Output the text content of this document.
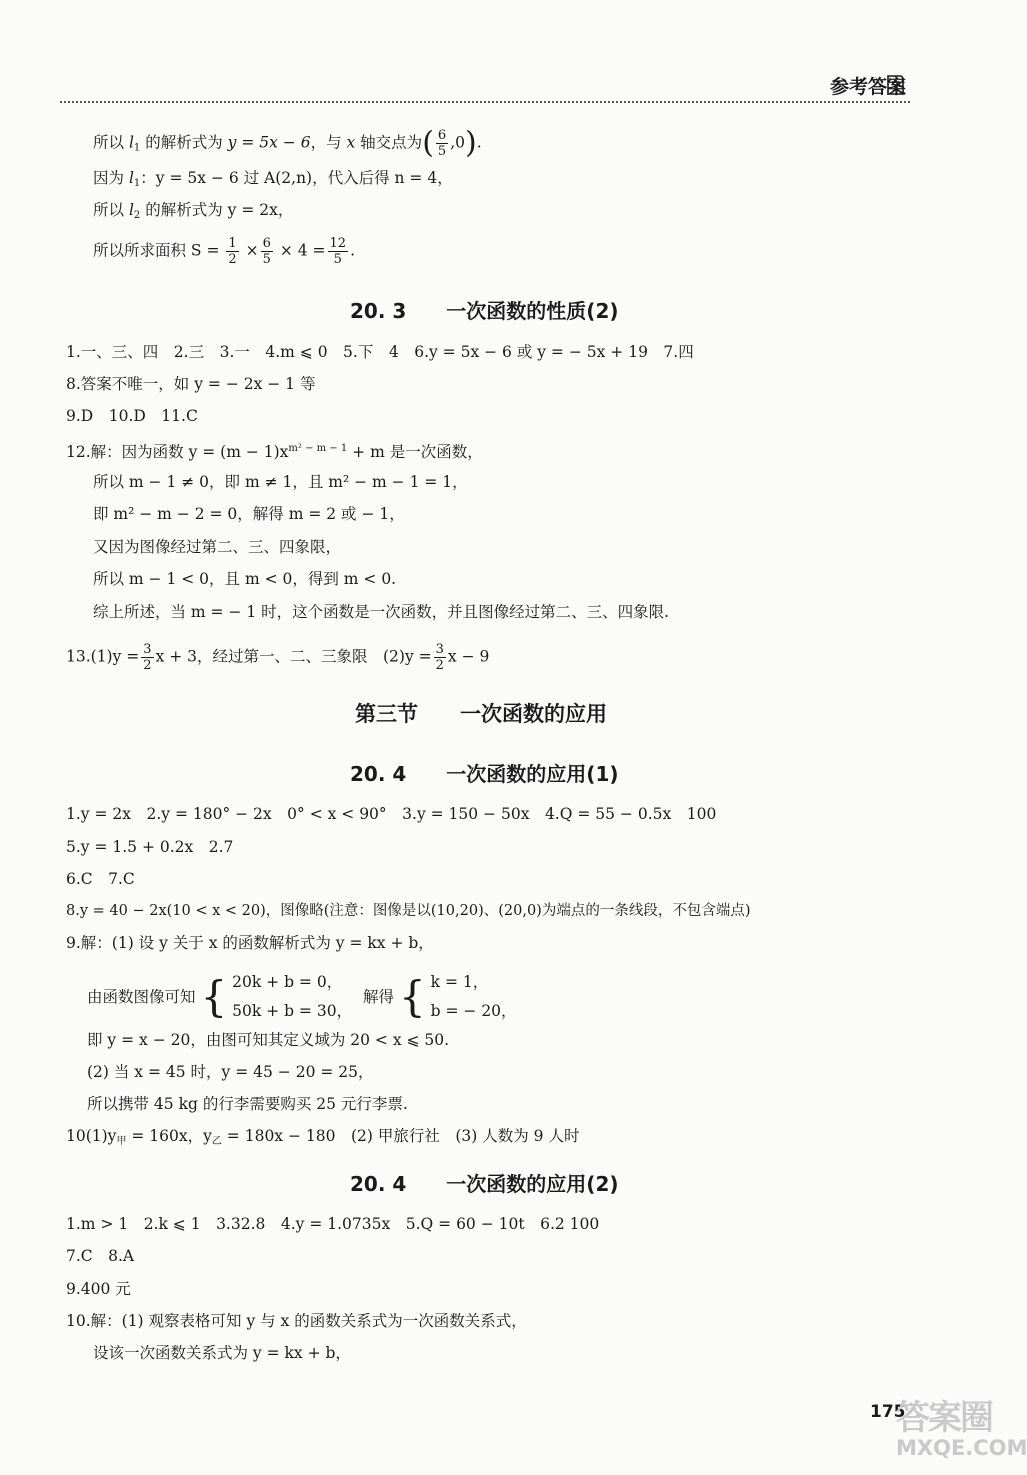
参考答案
所以 $l_1$ 的解析式为 y = 5x − 6，与 x 轴交点为( $\frac{6}{5} ,0$).
因为 $l_1$：y = 5x − 6 过 A(2,n)，代入后得 n = 4，
所以 $l_2$ 的解析式为 y = 2x，
所以所求面积 $S = \frac{1}{2} \times \frac{6}{5} \times 4 = \frac{12}{5}$ .
20. 3　　一次函数的性质(2)
1.一、三、四　2.三　3.一　4.m ⩽ 0　5.下　4　6.y = 5x − 6 或 y = − 5x + 19　7.四
8.答案不唯一，如 y = − 2x − 1 等
9.D　10.D　11.C
12.解：因为函数 $y = (m - 1)x^{m^2 - m - 1} + m$ 是一次函数，
所以 m − 1 ≠ 0，即 m ≠ 1，且 m² − m − 1 = 1，
即 m² − m − 2 = 0，解得 m = 2 或 − 1，
又因为图像经过第二、三、四象限，
所以 m − 1 < 0，且 m < 0，得到 m < 0.
综上所述，当 m = − 1 时，这个函数是一次函数，并且图像经过第二、三、四象限.
$13.(1)y = \frac{3}{2}$ x + 3，经过第一、二、三象限　$(2)y = \frac{3}{2}$ x − 9
第三节　　一次函数的应用
20. 4　　一次函数的应用(1)
1.y = 2x　2.y = 180° − 2x　0° < x < 90°　3.y = 150 − 50x　4.Q = 55 − 0.5x　100
5.y = 1.5 + 0.2x　2.7
6.C　7.C
8.y = 40 − 2x(10 < x < 20)，图像略(注意：图像是以(10,20)、(20,0)为端点的一条线段，不包含端点)
9.解：(1) 设 y 关于 x 的函数解析式为 y = kx + b，
由函数图像可知 { 20k + b = 0，
50k + b = 30，
解得 { k = 1，
b = − 20，
即 y = x − 20，由图可知其定义域为 20 < x ⩽ 50.
(2) 当 x = 45 时，y = 45 − 20 = 25，
所以携带 45 kg 的行李需要购买 25 元行李票.
$10(1)y_甲 = 160x$，$y_乙 = 180x - 180$　(2) 甲旅行社　(3) 人数为 9 人时
20. 4　　一次函数的应用(2)
1.m > 1　2.k ⩽ 1　3.32.8　4.y = 1.0735x　5.Q = 60 − 10t　6.2 100
7.C　8.A
9.400 元
10.解：(1) 观察表格可知 y 与 x 的函数关系式为一次函数关系式，
设该一次函数关系式为 y = kx + b，
175
答案圈
MXQE.COM
